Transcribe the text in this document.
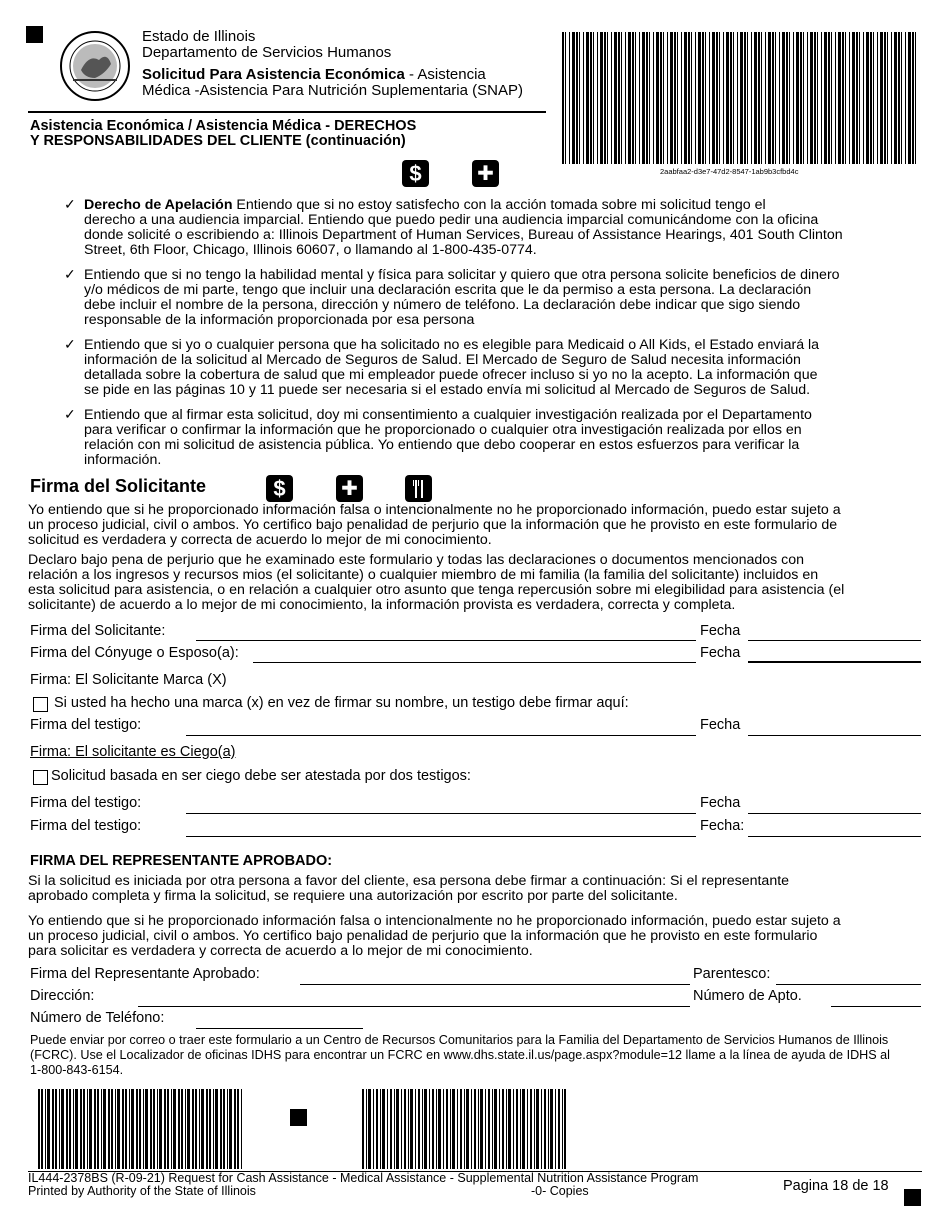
Estado de Illinois
Departamento de Servicios Humanos
Solicitud Para Asistencia Económica - Asistencia
Médica -Asistencia Para Nutrición Suplementaria (SNAP)
Asistencia Económica / Asistencia Médica - DERECHOS
Y RESPONSABILIDADES DEL CLIENTE (continuación)
2aabfaa2-d3e7-47d2-8547-1ab9b3cfbd4c
$	✚
✓ Derecho de Apelación Entiendo que si no estoy satisfecho con la acción tomada sobre mi solicitud tengo el
derecho a una audiencia imparcial. Entiendo que puedo pedir una audiencia imparcial comunicándome con la oficina
donde solicité o escribiendo a: Illinois Department of Human Services, Bureau of Assistance Hearings, 401 South Clinton
Street, 6th Floor, Chicago, Illinois 60607, o llamando al 1-800-435-0774.
✓ Entiendo que si no tengo la habilidad mental y física para solicitar y quiero que otra persona solicite beneficios de dinero
y/o médicos de mi parte, tengo que incluir una declaración escrita que le da permiso a esta persona. La declaración
debe incluir el nombre de la persona, dirección y número de teléfono. La declaración debe indicar que sigo siendo
responsable de la información proporcionada por esa persona
✓ Entiendo que si yo o cualquier persona que ha solicitado no es elegible para Medicaid o All Kids, el Estado enviará la
información de la solicitud al Mercado de Seguros de Salud. El Mercado de Seguro de Salud necesita información
detallada sobre la cobertura de salud que mi empleador puede ofrecer incluso si yo no la acepto. La información que
se pide en las páginas 10 y 11 puede ser necesaria si el estado envía mi solicitud al Mercado de Seguros de Salud.
✓ Entiendo que al firmar esta solicitud, doy mi consentimiento a cualquier investigación realizada por el Departamento
para verificar o confirmar la información que he proporcionado o cualquier otra investigación realizada por ellos en
relación con mi solicitud de asistencia pública. Yo entiendo que debo cooperar en estos esfuerzos para verificar la
información.
Firma del Solicitante	$	✚
Yo entiendo que si he proporcionado información falsa o intencionalmente no he proporcionado información, puedo estar sujeto a
un proceso judicial, civil o ambos. Yo certifico bajo penalidad de perjurio que la información que he provisto en este formulario de
solicitud es verdadera y correcta de acuerdo lo mejor de mi conocimiento.
Declaro bajo pena de perjurio que he examinado este formulario y todas las declaraciones o documentos mencionados con
relación a los ingresos y recursos mios (el solicitante) o cualquier miembro de mi familia (la familia del solicitante) incluidos en
esta solicitud para asistencia, o en relación a cualquier otro asunto que tenga repercusión sobre mi elegibilidad para asistencia (el
solicitante) de acuerdo a lo mejor de mi conocimiento, la información provista es verdadera, correcta y completa.
Firma del Solicitante:	Fecha
Firma del Cónyuge o Esposo(a):	Fecha
Firma: El Solicitante Marca (X)
Si usted ha hecho una marca (x) en vez de firmar su nombre, un testigo debe firmar aquí:
Firma del testigo:	Fecha
Firma: El solicitante es Ciego(a)
Solicitud basada en ser ciego debe ser atestada por dos testigos:
Firma del testigo:	Fecha
Firma del testigo:	Fecha:
FIRMA DEL REPRESENTANTE APROBADO:
Si la solicitud es iniciada por otra persona a favor del cliente, esa persona debe firmar a continuación: Si el representante
aprobado completa y firma la solicitud, se requiere una autorización por escrito por parte del solicitante.
Yo entiendo que si he proporcionado información falsa o intencionalmente no he proporcionado información, puedo estar sujeto a
un proceso judicial, civil o ambos. Yo certifico bajo penalidad de perjurio que la información que he provisto en este formulario
para solicitar es verdadera y correcta de acuerdo a lo mejor de mi conocimiento.
Firma del Representante Aprobado:	Parentesco:
Dirección:	Número de Apto.
Número de Teléfono:
Puede enviar por correo o traer este formulario a un Centro de Recursos Comunitarios para la Familia del Departamento de Servicios Humanos de Illinois
(FCRC). Use el Localizador de oficinas IDHS para encontrar un FCRC en www.dhs.state.il.us/page.aspx?module=12 llame a la línea de ayuda de IDHS al
1-800-843-6154.
IL444-2378BS (R-09-21) Request for Cash Assistance - Medical Assistance - Supplemental Nutrition Assistance Program
Printed by Authority of the State of Illinois	-0- Copies	Pagina 18 de 18
